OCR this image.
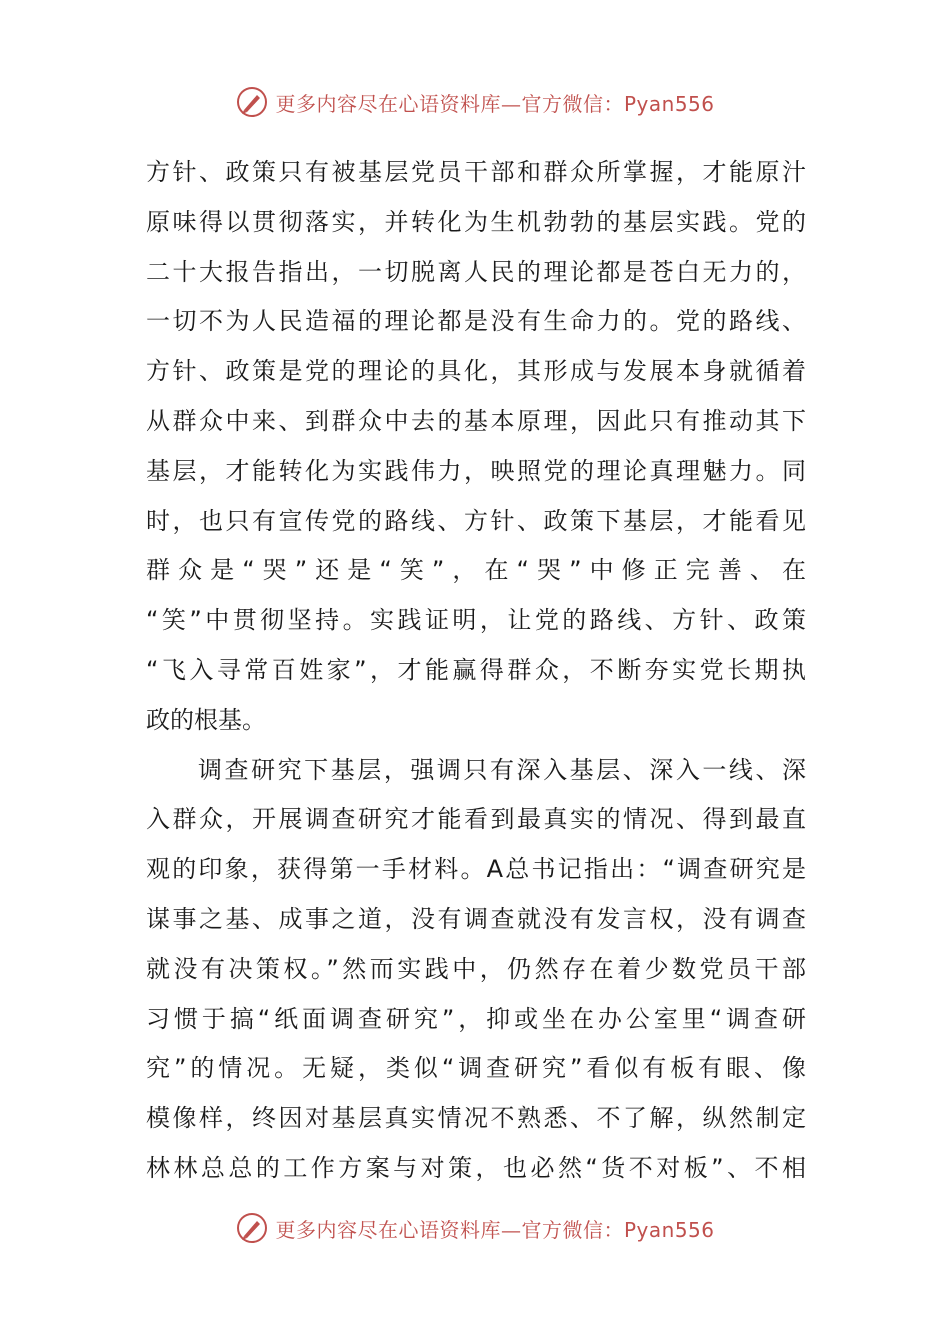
更多内容尽在心语资料库—官方微信：Pyan556
方针、政策只有被基层党员干部和群众所掌握，才能原汁
原味得以贯彻落实，并转化为生机勃勃的基层实践。党的
二十大报告指出，一切脱离人民的理论都是苍白无力的，
一切不为人民造福的理论都是没有生命力的。党的路线、
方针、政策是党的理论的具化，其形成与发展本身就循着
从群众中来、到群众中去的基本原理，因此只有推动其下
基层，才能转化为实践伟力，映照党的理论真理魅力。同
时，也只有宣传党的路线、方针、政策下基层，才能看见
群众是“哭”还是“笑”，在“哭”中修正完善、在
“笑”中贯彻坚持。实践证明，让党的路线、方针、政策
“飞入寻常百姓家”，才能赢得群众，不断夯实党长期执
政的根基。
调查研究下基层，强调只有深入基层、深入一线、深
入群众，开展调查研究才能看到最真实的情况、得到最直
观的印象，获得第一手材料。A总书记指出：“调查研究是
谋事之基、成事之道，没有调查就没有发言权，没有调查
就没有决策权。”然而实践中，仍然存在着少数党员干部
习惯于搞“纸面调查研究”，抑或坐在办公室里“调查研
究”的情况。无疑，类似“调查研究”看似有板有眼、像
模像样，终因对基层真实情况不熟悉、不了解，纵然制定
林林总总的工作方案与对策，也必然“货不对板”、不相
更多内容尽在心语资料库—官方微信：Pyan556
